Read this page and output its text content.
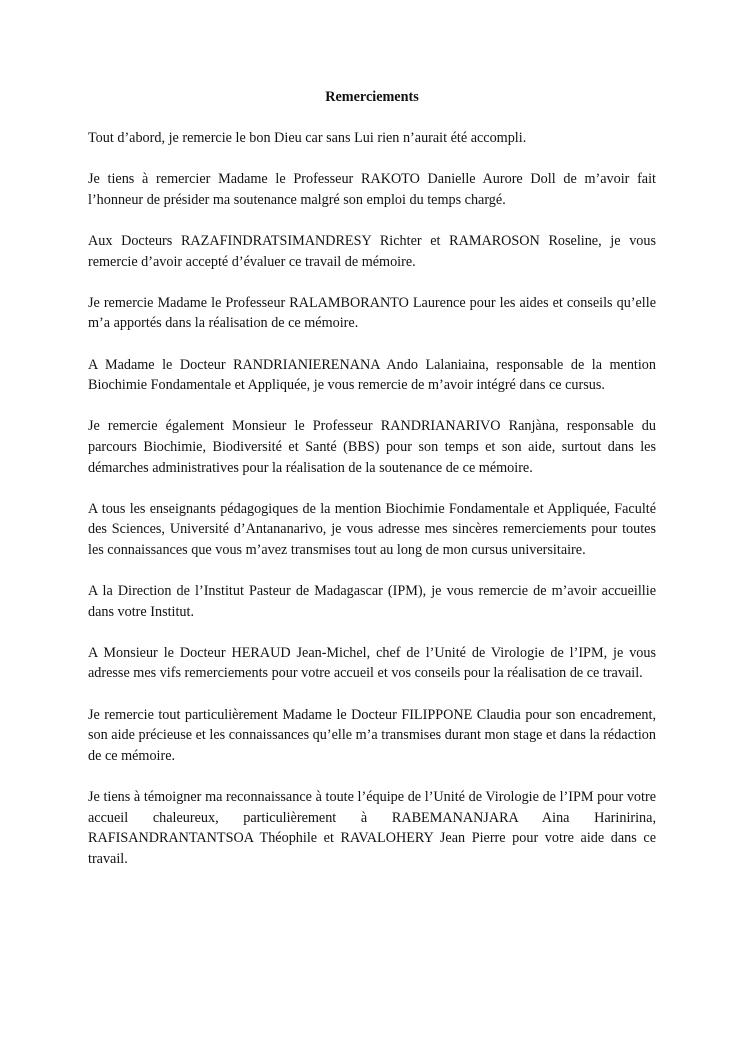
Remerciements

Tout d’abord, je remercie le bon Dieu car sans Lui rien n’aurait été accompli.

Je tiens à remercier Madame le Professeur RAKOTO Danielle Aurore Doll de m’avoir fait l’honneur de présider ma soutenance malgré son emploi du temps chargé.

Aux Docteurs RAZAFINDRATSIMANDRESY Richter et RAMAROSON Roseline, je vous remercie d’avoir accepté d’évaluer ce travail de mémoire.

Je remercie Madame le Professeur RALAMBORANTO Laurence pour les aides et conseils qu’elle m’a apportés dans la réalisation de ce mémoire.

A Madame le Docteur RANDRIANIERENANA Ando Lalaniaina, responsable de la mention Biochimie Fondamentale et Appliquée, je vous remercie de m’avoir intégré dans ce cursus.

Je remercie également Monsieur le Professeur RANDRIANARIVO Ranjàna, responsable du parcours Biochimie, Biodiversité et Santé (BBS) pour son temps et son aide, surtout dans les démarches administratives pour la réalisation de la soutenance de ce mémoire.

A tous les enseignants pédagogiques de la mention Biochimie Fondamentale et Appliquée, Faculté des Sciences, Université d’Antananarivo, je vous adresse mes sincères remerciements pour toutes les connaissances que vous m’avez transmises tout au long de mon cursus universitaire.

A la Direction de l’Institut Pasteur de Madagascar (IPM), je vous remercie de m’avoir accueillie dans votre Institut.

A Monsieur le Docteur HERAUD Jean-Michel, chef de l’Unité de Virologie de l’IPM, je vous adresse mes vifs remerciements pour votre accueil et vos conseils pour la réalisation de ce travail.

Je remercie tout particulièrement Madame le Docteur FILIPPONE Claudia pour son encadrement, son aide précieuse et les connaissances qu’elle m’a transmises durant mon stage et dans la rédaction de ce mémoire.

Je tiens à témoigner ma reconnaissance à toute l’équipe de l’Unité de Virologie de l’IPM pour votre accueil chaleureux, particulièrement à RABEMANANJARA Aina Harinirina, RAFISANDRANTANTSOA Théophile et RAVALOHERY Jean Pierre pour votre aide dans ce travail.
